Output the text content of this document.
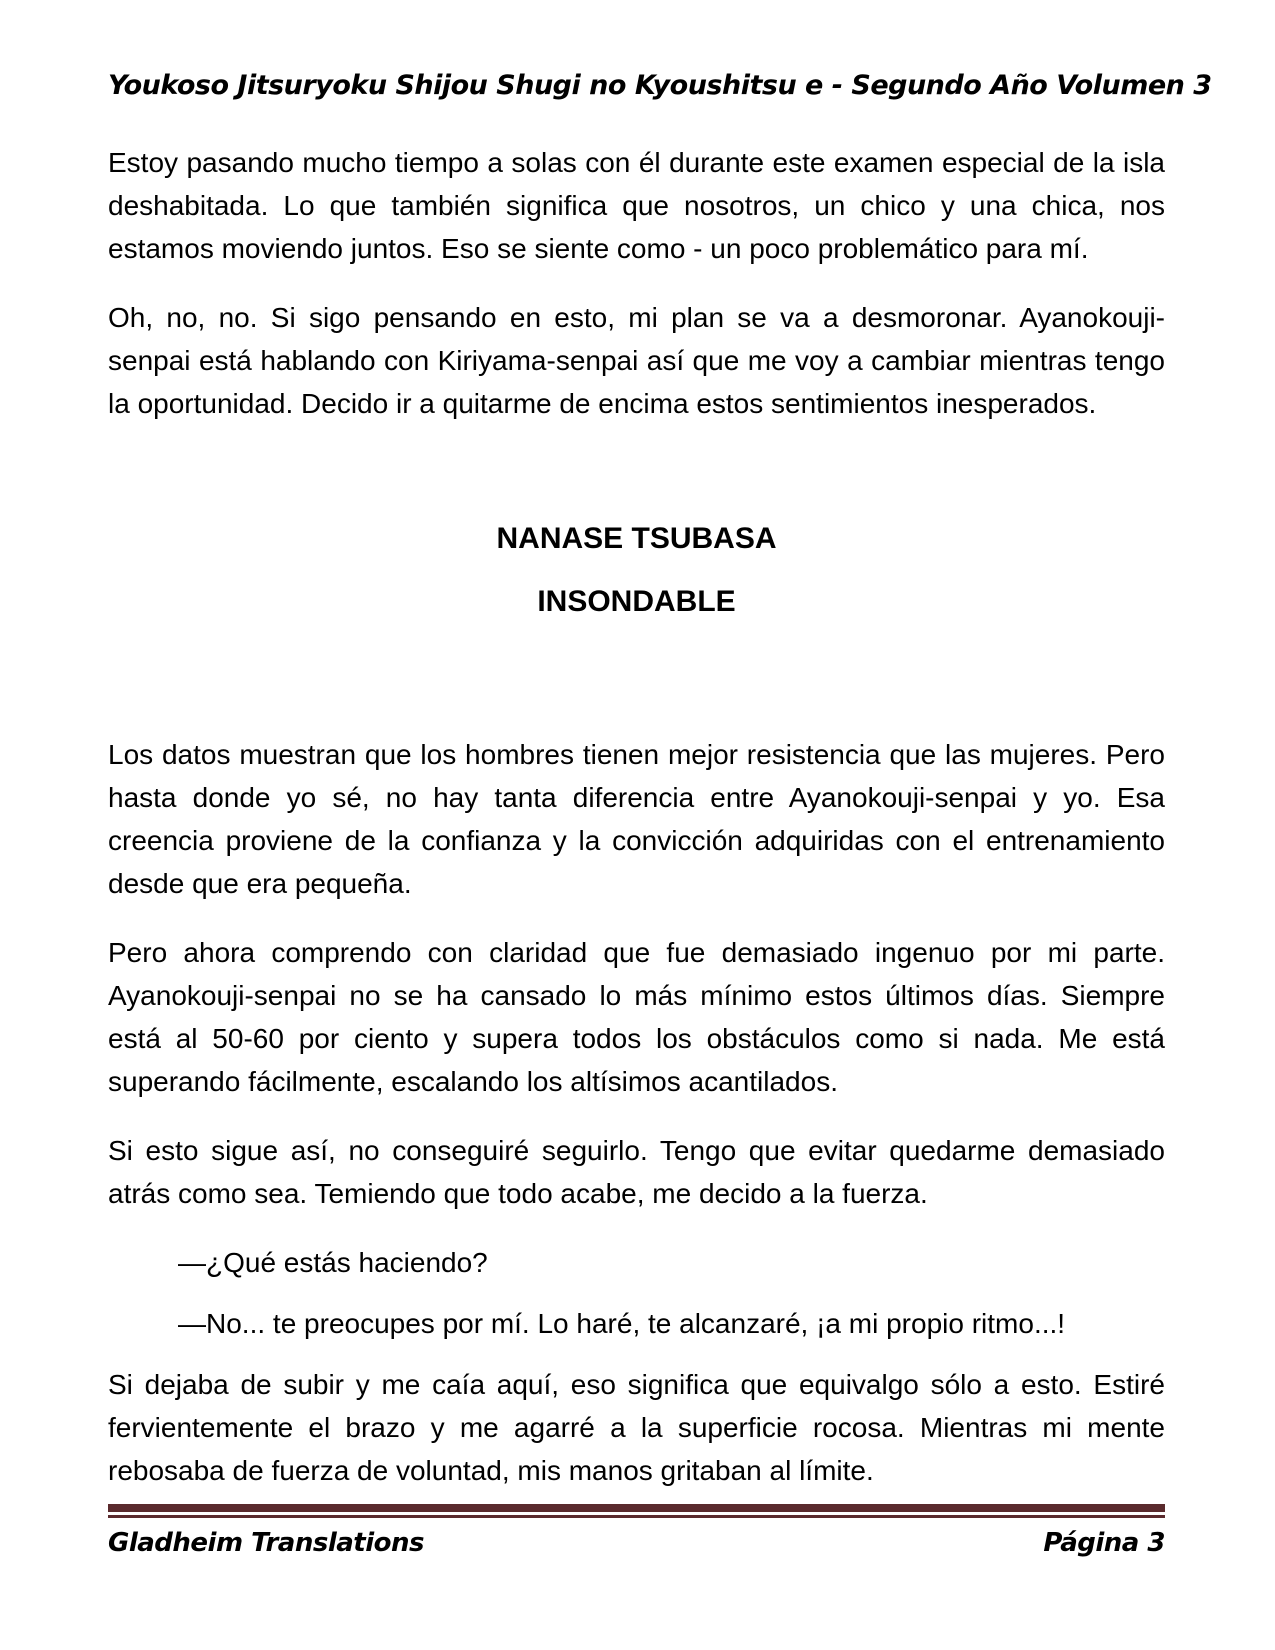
Youkoso Jitsuryoku Shijou Shugi no Kyoushitsu e - Segundo Año Volumen 3

Estoy pasando mucho tiempo a solas con él durante este examen especial de la isla deshabitada. Lo que también significa que nosotros, un chico y una chica, nos estamos moviendo juntos. Eso se siente como - un poco problemático para mí.

Oh, no, no. Si sigo pensando en esto, mi plan se va a desmoronar. Ayanokouji-senpai está hablando con Kiriyama-senpai así que me voy a cambiar mientras tengo la oportunidad. Decido ir a quitarme de encima estos sentimientos inesperados.

NANASE TSUBASA
INSONDABLE

Los datos muestran que los hombres tienen mejor resistencia que las mujeres. Pero hasta donde yo sé, no hay tanta diferencia entre Ayanokouji-senpai y yo. Esa creencia proviene de la confianza y la convicción adquiridas con el entrenamiento desde que era pequeña.

Pero ahora comprendo con claridad que fue demasiado ingenuo por mi parte. Ayanokouji-senpai no se ha cansado lo más mínimo estos últimos días. Siempre está al 50-60 por ciento y supera todos los obstáculos como si nada. Me está superando fácilmente, escalando los altísimos acantilados.

Si esto sigue así, no conseguiré seguirlo. Tengo que evitar quedarme demasiado atrás como sea. Temiendo que todo acabe, me decido a la fuerza.

—¿Qué estás haciendo?

—No... te preocupes por mí. Lo haré, te alcanzaré, ¡a mi propio ritmo...!

Si dejaba de subir y me caía aquí, eso significa que equivalgo sólo a esto. Estiré fervientemente el brazo y me agarré a la superficie rocosa. Mientras mi mente rebosaba de fuerza de voluntad, mis manos gritaban al límite.

Gladheim Translations	Página 3
